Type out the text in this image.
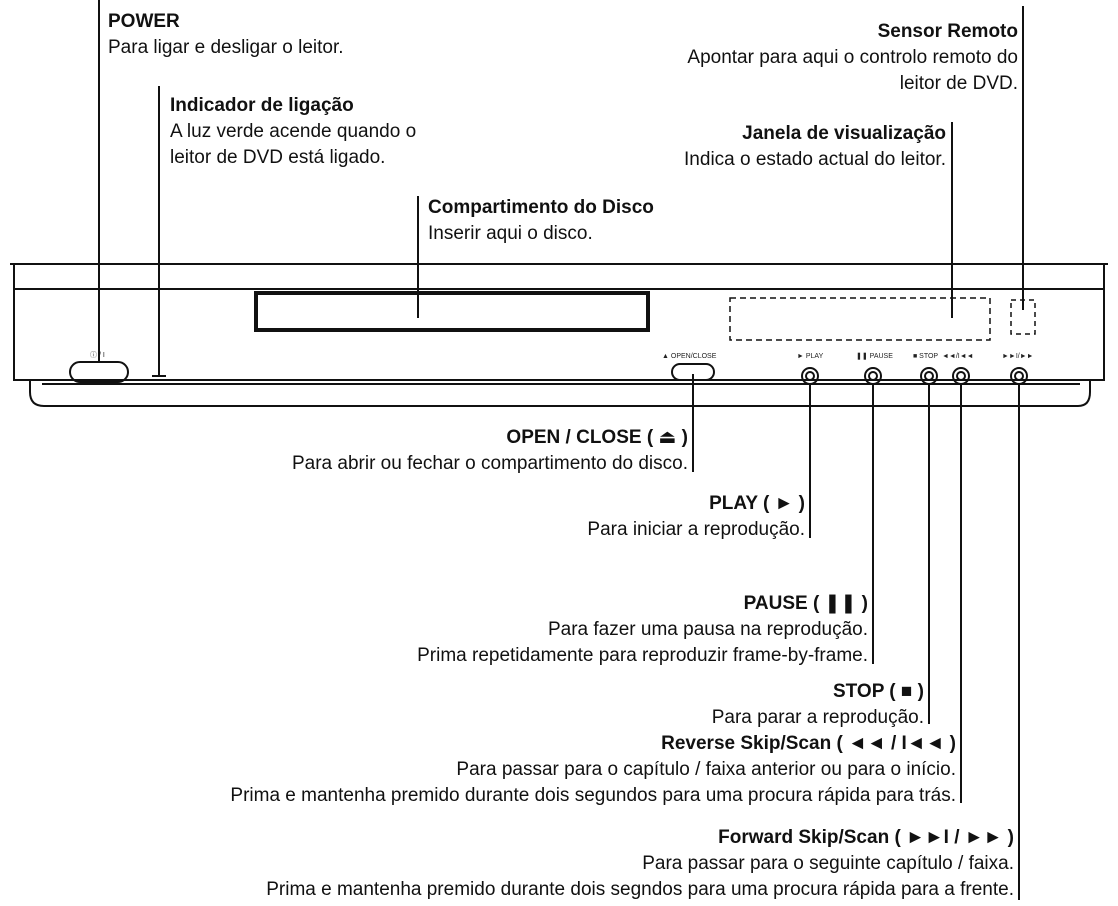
ⓘ / I	▲ OPEN/CLOSE	► PLAY	❚❚ PAUSE	■ STOP ◄◄/I◄◄	►►I/►►
POWER
Para ligar e desligar o leitor.
Indicador de ligação
A luz verde acende quando o
leitor de DVD está ligado.
Sensor Remoto
Apontar para aqui o controlo remoto do
leitor de DVD.
Janela de visualização
Indica o estado actual do leitor.
Compartimento do Disco
Inserir aqui o disco.
OPEN / CLOSE ( ⏏ )
Para abrir ou fechar o compartimento do disco.
PLAY ( ► )
Para iniciar a reprodução.
PAUSE ( ❚❚ )
Para fazer uma pausa na reprodução.
Prima repetidamente para reproduzir frame-by-frame.
STOP ( ■ )
Para parar a reprodução.
Reverse Skip/Scan ( ◄◄ / I◄◄ )
Para passar para o capítulo / faixa anterior ou para o início.
Prima e mantenha premido durante dois segundos para uma procura rápida para trás.
Forward Skip/Scan ( ►►I / ►► )
Para passar para o seguinte capítulo / faixa.
Prima e mantenha premido durante dois segndos para uma procura rápida para a frente.
